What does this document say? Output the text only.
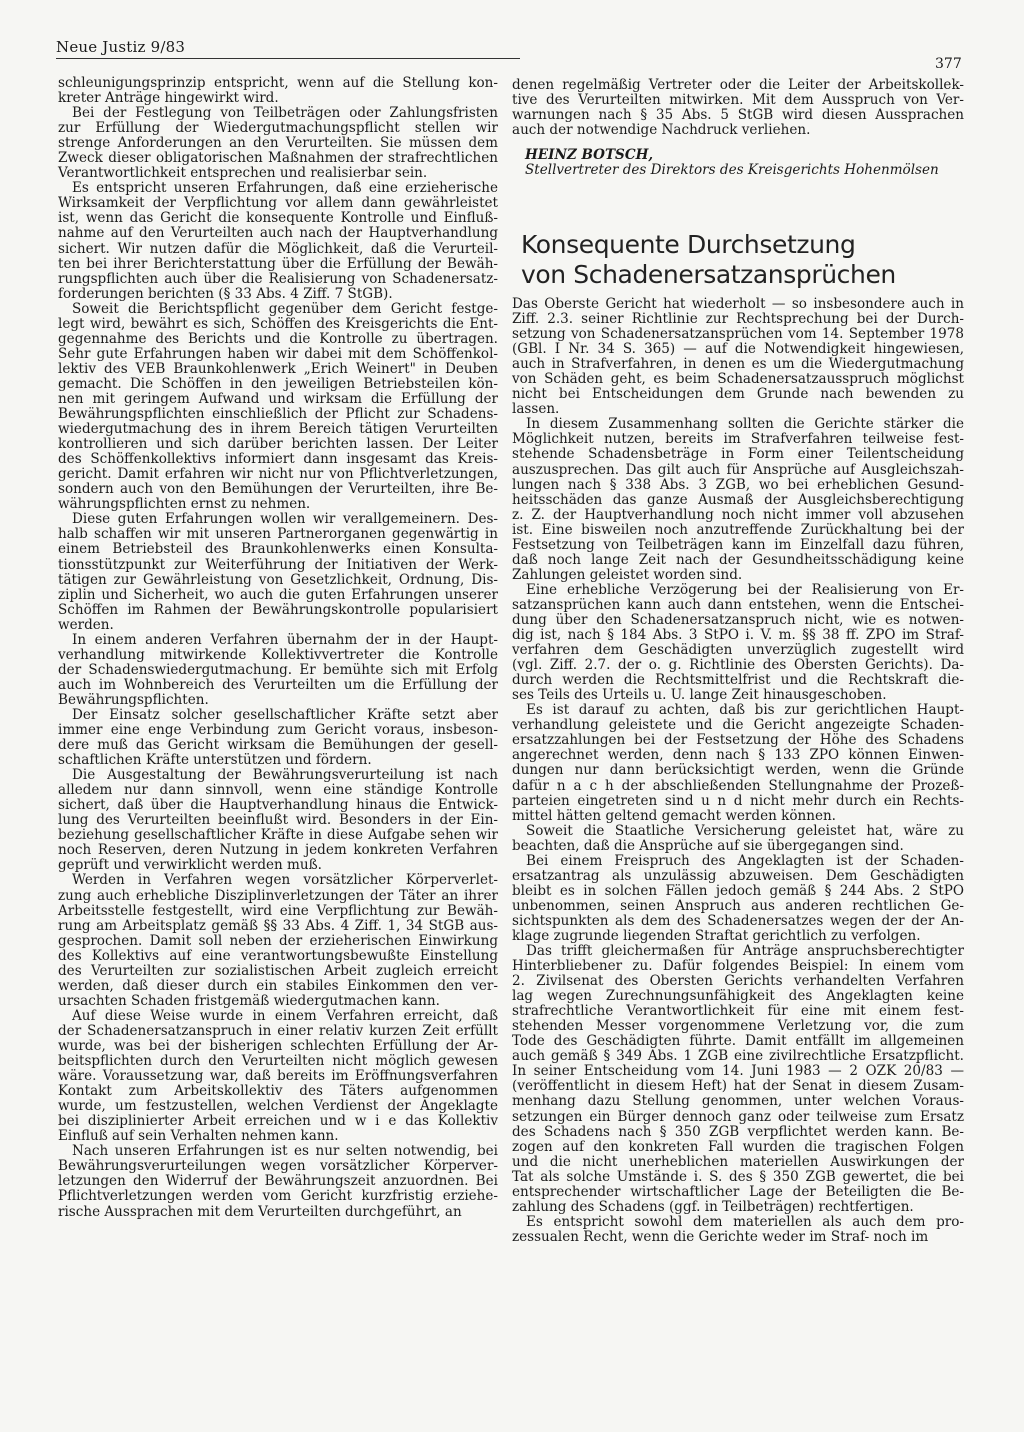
Neue Justiz 9/83
377

schleunigungsprinzip entspricht, wenn auf die Stellung kon-
kreter Anträge hingewirkt wird.

Bei der Festlegung von Teilbeträgen oder Zahlungsfristen
zur Erfüllung der Wiedergutmachungspflicht stellen wir
strenge Anforderungen an den Verurteilten. Sie müssen dem
Zweck dieser obligatorischen Maßnahmen der strafrechtlichen
Verantwortlichkeit entsprechen und realisierbar sein.

Es entspricht unseren Erfahrungen, daß eine erzieherische
Wirksamkeit der Verpflichtung vor allem dann gewährleistet
ist, wenn das Gericht die konsequente Kontrolle und Einfluß-
nahme auf den Verurteilten auch nach der Hauptverhandlung
sichert. Wir nutzen dafür die Möglichkeit, daß die Verurteil-
ten bei ihrer Berichterstattung über die Erfüllung der Bewäh-
rungspflichten auch über die Realisierung von Schadenersatz-
forderungen berichten (§ 33 Abs. 4 Ziff. 7 StGB).

Soweit die Berichtspflicht gegenüber dem Gericht festge-
legt wird, bewährt es sich, Schöffen des Kreisgerichts die Ent-
gegennahme des Berichts und die Kontrolle zu übertragen.
Sehr gute Erfahrungen haben wir dabei mit dem Schöffenkol-
lektiv des VEB Braunkohlenwerk „Erich Weinert" in Deuben
gemacht. Die Schöffen in den jeweiligen Betriebsteilen kön-
nen mit geringem Aufwand und wirksam die Erfüllung der
Bewährungspflichten einschließlich der Pflicht zur Schadens-
wiedergutmachung des in ihrem Bereich tätigen Verurteilten
kontrollieren und sich darüber berichten lassen. Der Leiter
des Schöffenkollektivs informiert dann insgesamt das Kreis-
gericht. Damit erfahren wir nicht nur von Pflichtverletzungen,
sondern auch von den Bemühungen der Verurteilten, ihre Be-
währungspflichten ernst zu nehmen.

Diese guten Erfahrungen wollen wir verallgemeinern. Des-
halb schaffen wir mit unseren Partnerorganen gegenwärtig in
einem Betriebsteil des Braunkohlenwerks einen Konsulta-
tionsstützpunkt zur Weiterführung der Initiativen der Werk-
tätigen zur Gewährleistung von Gesetzlichkeit, Ordnung, Dis-
ziplin und Sicherheit, wo auch die guten Erfahrungen unserer
Schöffen im Rahmen der Bewährungskontrolle popularisiert
werden.

In einem anderen Verfahren übernahm der in der Haupt-
verhandlung mitwirkende Kollektivvertreter die Kontrolle
der Schadenswiedergutmachung. Er bemühte sich mit Erfolg
auch im Wohnbereich des Verurteilten um die Erfüllung der
Bewährungspflichten.

Der Einsatz solcher gesellschaftlicher Kräfte setzt aber
immer eine enge Verbindung zum Gericht voraus, insbeson-
dere muß das Gericht wirksam die Bemühungen der gesell-
schaftlichen Kräfte unterstützen und fördern.

Die Ausgestaltung der Bewährungsverurteilung ist nach
alledem nur dann sinnvoll, wenn eine ständige Kontrolle
sichert, daß über die Hauptverhandlung hinaus die Entwick-
lung des Verurteilten beeinflußt wird. Besonders in der Ein-
beziehung gesellschaftlicher Kräfte in diese Aufgabe sehen wir
noch Reserven, deren Nutzung in jedem konkreten Verfahren
geprüft und verwirklicht werden muß.

Werden in Verfahren wegen vorsätzlicher Körperverlet-
zung auch erhebliche Disziplinverletzungen der Täter an ihrer
Arbeitsstelle festgestellt, wird eine Verpflichtung zur Bewäh-
rung am Arbeitsplatz gemäß §§ 33 Abs. 4 Ziff. 1, 34 StGB aus-
gesprochen. Damit soll neben der erzieherischen Einwirkung
des Kollektivs auf eine verantwortungsbewußte Einstellung
des Verurteilten zur sozialistischen Arbeit zugleich erreicht
werden, daß dieser durch ein stabiles Einkommen den ver-
ursachten Schaden fristgemäß wiedergutmachen kann.

Auf diese Weise wurde in einem Verfahren erreicht, daß
der Schadenersatzanspruch in einer relativ kurzen Zeit erfüllt
wurde, was bei der bisherigen schlechten Erfüllung der Ar-
beitspflichten durch den Verurteilten nicht möglich gewesen
wäre. Voraussetzung war, daß bereits im Eröffnungsverfahren
Kontakt zum Arbeitskollektiv des Täters aufgenommen
wurde, um festzustellen, welchen Verdienst der Angeklagte
bei disziplinierter Arbeit erreichen und w i e das Kollektiv
Einfluß auf sein Verhalten nehmen kann.

Nach unseren Erfahrungen ist es nur selten notwendig, bei
Bewährungsverurteilungen wegen vorsätzlicher Körperver-
letzungen den Widerruf der Bewährungszeit anzuordnen. Bei
Pflichtverletzungen werden vom Gericht kurzfristig erziehe-
rische Aussprachen mit dem Verurteilten durchgeführt, an

denen regelmäßig Vertreter oder die Leiter der Arbeitskollek-
tive des Verurteilten mitwirken. Mit dem Ausspruch von Ver-
warnungen nach § 35 Abs. 5 StGB wird diesen Aussprachen
auch der notwendige Nachdruck verliehen.

HEINZ BOTSCH,
Stellvertreter des Direktors des Kreisgerichts Hohenmölsen
Konsequente Durchsetzung
von Schadenersatzansprüchen

Das Oberste Gericht hat wiederholt — so insbesondere auch in
Ziff. 2.3. seiner Richtlinie zur Rechtsprechung bei der Durch-
setzung von Schadenersatzansprüchen vom 14. September 1978
(GBl. I Nr. 34 S. 365) — auf die Notwendigkeit hingewiesen,
auch in Strafverfahren, in denen es um die Wiedergutmachung
von Schäden geht, es beim Schadenersatzausspruch möglichst
nicht bei Entscheidungen dem Grunde nach bewenden zu
lassen.

In diesem Zusammenhang sollten die Gerichte stärker die
Möglichkeit nutzen, bereits im Strafverfahren teilweise fest-
stehende Schadensbeträge in Form einer Teilentscheidung
auszusprechen. Das gilt auch für Ansprüche auf Ausgleichszah-
lungen nach § 338 Abs. 3 ZGB, wo bei erheblichen Gesund-
heitsschäden das ganze Ausmaß der Ausgleichsberechtigung
z. Z. der Hauptverhandlung noch nicht immer voll abzusehen
ist. Eine bisweilen noch anzutreffende Zurückhaltung bei der
Festsetzung von Teilbeträgen kann im Einzelfall dazu führen,
daß noch lange Zeit nach der Gesundheitsschädigung keine
Zahlungen geleistet worden sind.

Eine erhebliche Verzögerung bei der Realisierung von Er-
satzansprüchen kann auch dann entstehen, wenn die Entschei-
dung über den Schadenersatzanspruch nicht, wie es notwen-
dig ist, nach § 184 Abs. 3 StPO i. V. m. §§ 38 ff. ZPO im Straf-
verfahren dem Geschädigten unverzüglich zugestellt wird
(vgl. Ziff. 2.7. der o. g. Richtlinie des Obersten Gerichts). Da-
durch werden die Rechtsmittelfrist und die Rechtskraft die-
ses Teils des Urteils u. U. lange Zeit hinausgeschoben.

Es ist darauf zu achten, daß bis zur gerichtlichen Haupt-
verhandlung geleistete und die Gericht angezeigte Schaden-
ersatzzahlungen bei der Festsetzung der Höhe des Schadens
angerechnet werden, denn nach § 133 ZPO können Einwen-
dungen nur dann berücksichtigt werden, wenn die Gründe
dafür n a c h der abschließenden Stellungnahme der Prozeß-
parteien eingetreten sind u n d nicht mehr durch ein Rechts-
mittel hätten geltend gemacht werden können.

Soweit die Staatliche Versicherung geleistet hat, wäre zu
beachten, daß die Ansprüche auf sie übergegangen sind.

Bei einem Freispruch des Angeklagten ist der Schaden-
ersatzantrag als unzulässig abzuweisen. Dem Geschädigten
bleibt es in solchen Fällen jedoch gemäß § 244 Abs. 2 StPO
unbenommen, seinen Anspruch aus anderen rechtlichen Ge-
sichtspunkten als dem des Schadenersatzes wegen der der An-
klage zugrunde liegenden Straftat gerichtlich zu verfolgen.

Das trifft gleichermaßen für Anträge anspruchsberechtigter
Hinterbliebener zu. Dafür folgendes Beispiel: In einem vom
2. Zivilsenat des Obersten Gerichts verhandelten Verfahren
lag wegen Zurechnungsunfähigkeit des Angeklagten keine
strafrechtliche Verantwortlichkeit für eine mit einem fest-
stehenden Messer vorgenommene Verletzung vor, die zum
Tode des Geschädigten führte. Damit entfällt im allgemeinen
auch gemäß § 349 Abs. 1 ZGB eine zivilrechtliche Ersatzpflicht.
In seiner Entscheidung vom 14. Juni 1983 — 2 OZK 20/83 —
(veröffentlicht in diesem Heft) hat der Senat in diesem Zusam-
menhang dazu Stellung genommen, unter welchen Voraus-
setzungen ein Bürger dennoch ganz oder teilweise zum Ersatz
des Schadens nach § 350 ZGB verpflichtet werden kann. Be-
zogen auf den konkreten Fall wurden die tragischen Folgen
und die nicht unerheblichen materiellen Auswirkungen der
Tat als solche Umstände i. S. des § 350 ZGB gewertet, die bei
entsprechender wirtschaftlicher Lage der Beteiligten die Be-
zahlung des Schadens (ggf. in Teilbeträgen) rechtfertigen.

Es entspricht sowohl dem materiellen als auch dem pro-
zessualen Recht, wenn die Gerichte weder im Straf- noch im
